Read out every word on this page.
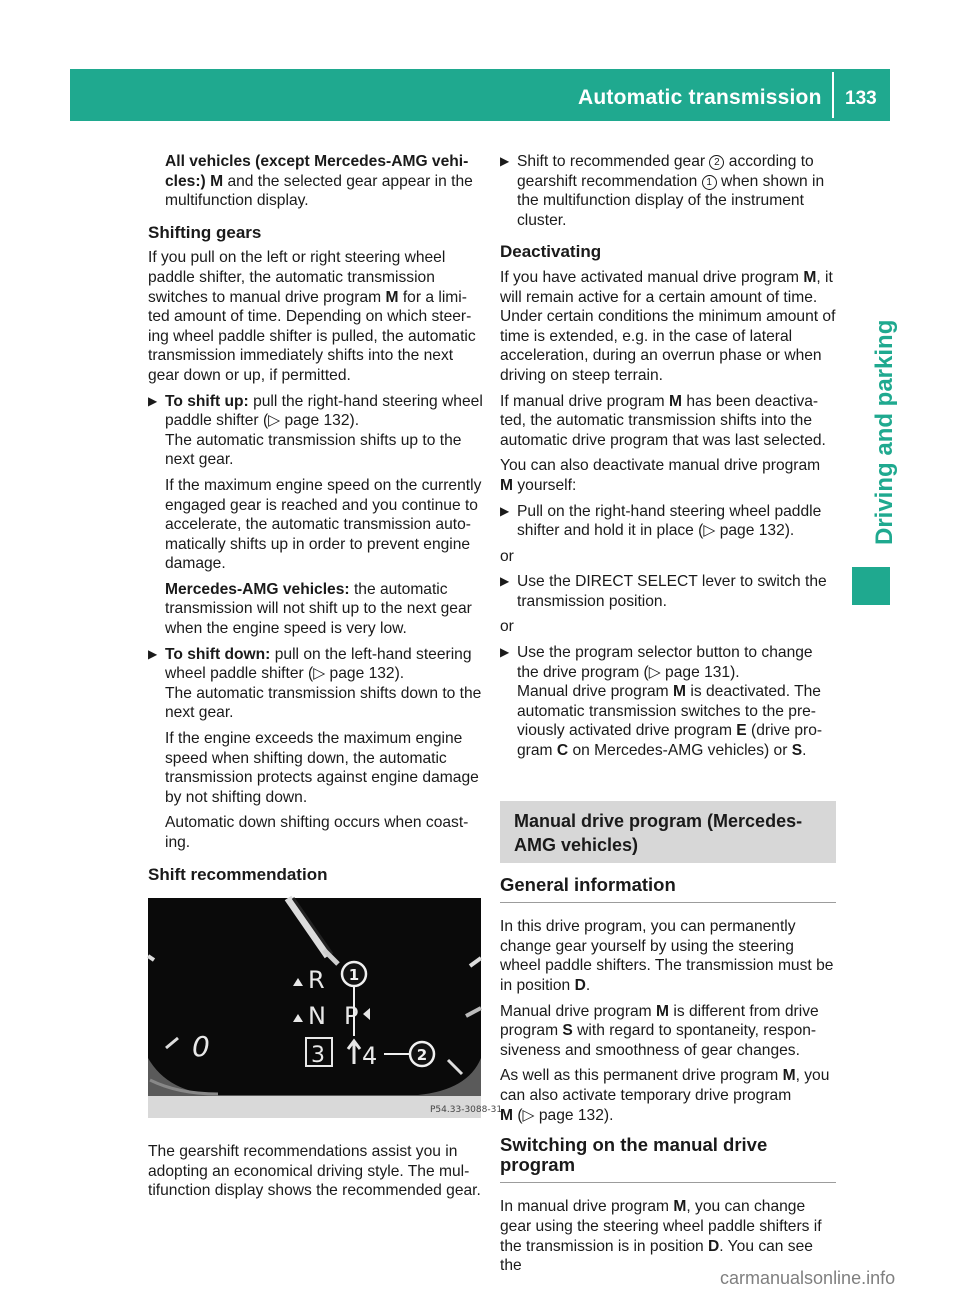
Automatic transmission 133
Driving and parking

All vehicles (except Mercedes-AMG vehi-cles:) M and the selected gear appear in the multifunction display.

Shifting gears

If you pull on the left or right steering wheel paddle shifter, the automatic transmission switches to manual drive program M for a limi-ted amount of time. Depending on which steer-ing wheel paddle shifter is pulled, the automatic transmission immediately shifts into the next gear down or up, if permitted.

▶ To shift up: pull the right-hand steering wheel paddle shifter (▷ page 132).
The automatic transmission shifts up to the next gear.

If the maximum engine speed on the currently engaged gear is reached and you continue to accelerate, the automatic transmission auto-matically shifts up in order to prevent engine damage.

Mercedes-AMG vehicles: the automatic transmission will not shift up to the next gear when the engine speed is very low.

▶ To shift down: pull on the left-hand steering wheel paddle shifter (▷ page 132).
The automatic transmission shifts down to the next gear.

If the engine exceeds the maximum engine speed when shifting down, the automatic transmission protects against engine damage by not shifting down.

Automatic down shifting occurs when coast-ing.

Shift recommendation
0
R
N P
3 4
1
2
P54.33-3088-31

The gearshift recommendations assist you in adopting an economical driving style. The mul-tifunction display shows the recommended gear.

▶ Shift to recommended gear 2 according to gearshift recommendation 1 when shown in the multifunction display of the instrument cluster.

Deactivating

If you have activated manual drive program M, it will remain active for a certain amount of time. Under certain conditions the minimum amount of time is extended, e.g. in the case of lateral acceleration, during an overrun phase or when driving on steep terrain.

If manual drive program M has been deactiva-ted, the automatic transmission shifts into the automatic drive program that was last selected.

You can also deactivate manual drive program
M yourself:

▶ Pull on the right-hand steering wheel paddle shifter and hold it in place (▷ page 132).

or

▶ Use the DIRECT SELECT lever to switch the transmission position.

or

▶ Use the program selector button to change the drive program (▷ page 131).
Manual drive program M is deactivated. The automatic transmission switches to the pre-viously activated drive program E (drive pro-gram C on Mercedes-AMG vehicles) or S.

Manual drive program (Mercedes-AMG vehicles)
General information

In this drive program, you can permanently change gear yourself by using the steering wheel paddle shifters. The transmission must be in position D.

Manual drive program M is different from drive program S with regard to spontaneity, respon-siveness and smoothness of gear changes.

As well as this permanent drive program M, you can also activate temporary drive program
M (▷ page 132).

Switching on the manual drive program

In manual drive program M, you can change gear using the steering wheel paddle shifters if the transmission is in position D. You can see the

carmanualsonline.info
